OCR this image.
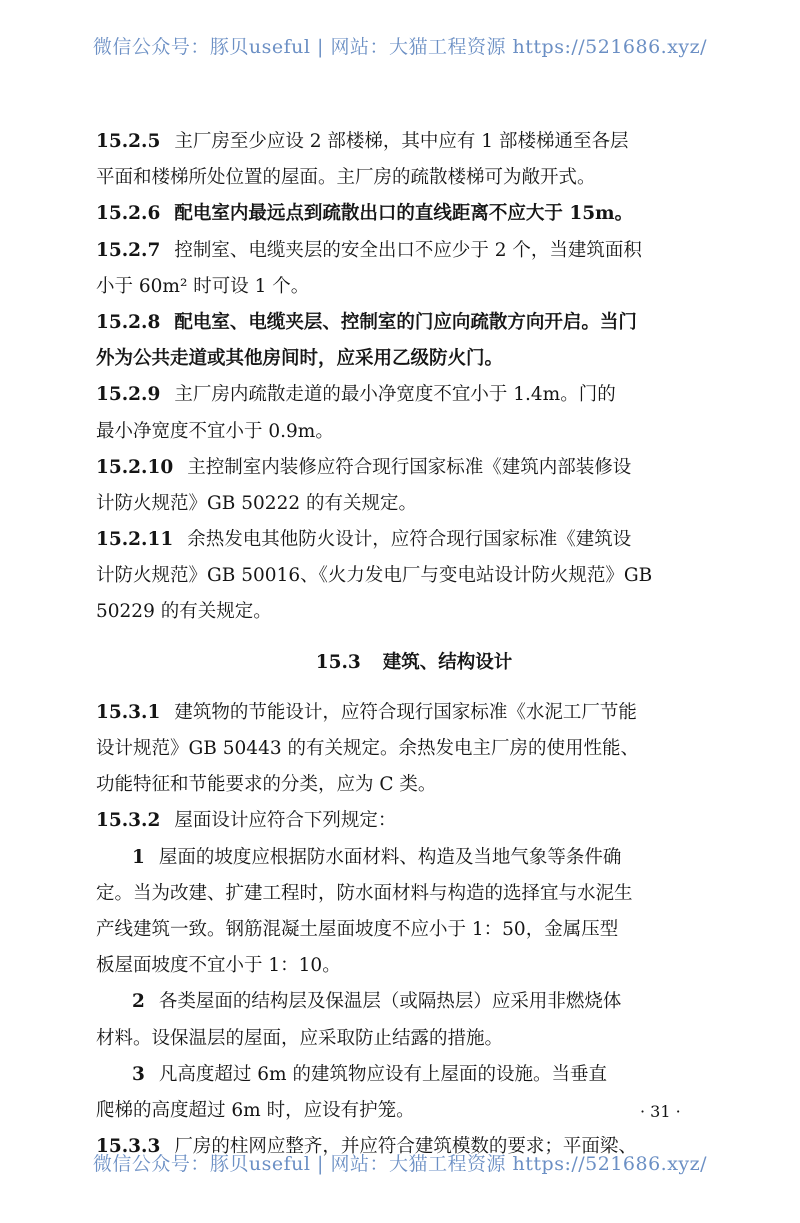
微信公众号：豚贝useful | 网站：大猫工程资源 https://521686.xyz/
15.2.5 主厂房至少应设 2 部楼梯，其中应有 1 部楼梯通至各层
平面和楼梯所处位置的屋面。主厂房的疏散楼梯可为敞开式。
15.2.6 配电室内最远点到疏散出口的直线距离不应大于 15m。
15.2.7 控制室、电缆夹层的安全出口不应少于 2 个，当建筑面积
小于 60m² 时可设 1 个。
15.2.8 配电室、电缆夹层、控制室的门应向疏散方向开启。当门
外为公共走道或其他房间时，应采用乙级防火门。
15.2.9 主厂房内疏散走道的最小净宽度不宜小于 1.4m。门的
最小净宽度不宜小于 0.9m。
15.2.10 主控制室内装修应符合现行国家标准《建筑内部装修设
计防火规范》GB 50222 的有关规定。
15.2.11 余热发电其他防火设计，应符合现行国家标准《建筑设
计防火规范》GB 50016、《火力发电厂与变电站设计防火规范》GB
50229 的有关规定。
15.3 建筑、结构设计
15.3.1 建筑物的节能设计，应符合现行国家标准《水泥工厂节能
设计规范》GB 50443 的有关规定。余热发电主厂房的使用性能、
功能特征和节能要求的分类，应为 C 类。
15.3.2 屋面设计应符合下列规定：
1 屋面的坡度应根据防水面材料、构造及当地气象等条件确
定。当为改建、扩建工程时，防水面材料与构造的选择宜与水泥生
产线建筑一致。钢筋混凝土屋面坡度不应小于 1：50，金属压型
板屋面坡度不宜小于 1：10。
2 各类屋面的结构层及保温层（或隔热层）应采用非燃烧体
材料。设保温层的屋面，应采取防止结露的措施。
3 凡高度超过 6m 的建筑物应设有上屋面的设施。当垂直
爬梯的高度超过 6m 时，应设有护笼。
15.3.3 厂房的柱网应整齐，并应符合建筑模数的要求；平面梁、
· 31 ·
微信公众号：豚贝useful | 网站：大猫工程资源 https://521686.xyz/
